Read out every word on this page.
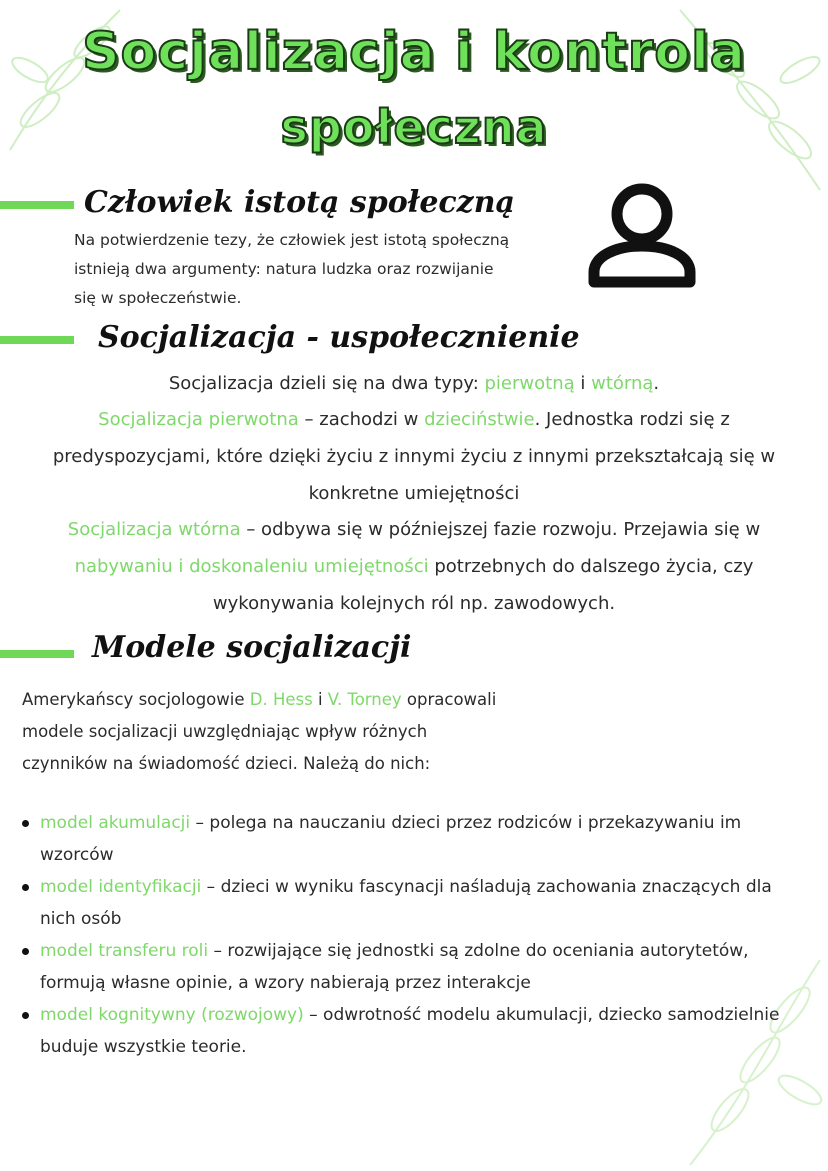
Socjalizacja i kontrola
społeczna
Człowiek istotą społeczną
Na potwierdzenie tezy, że człowiek jest istotą społeczną
istnieją dwa argumenty: natura ludzka oraz rozwijanie
się w społeczeństwie.
Socjalizacja - uspołecznienie
Socjalizacja dzieli się na dwa typy: pierwotną i wtórną.
Socjalizacja pierwotna – zachodzi w dzieciństwie. Jednostka rodzi się z
predyspozycjami, które dzięki życiu z innymi życiu z innymi przekształcają się w
konkretne umiejętności
Socjalizacja wtórna – odbywa się w późniejszej fazie rozwoju. Przejawia się w
nabywaniu i doskonaleniu umiejętności potrzebnych do dalszego życia, czy
wykonywania kolejnych ról np. zawodowych.
Modele socjalizacji
Amerykańscy socjologowie D. Hess i V. Torney opracowali
modele socjalizacji uwzględniając wpływ różnych
czynników na świadomość dzieci. Należą do nich:
model akumulacji – polega na nauczaniu dzieci przez rodziców i przekazywaniu im wzorców
model identyfikacji – dzieci w wyniku fascynacji naśladują zachowania znaczących dla nich osób
model transferu roli – rozwijające się jednostki są zdolne do oceniania autorytetów, formują własne opinie, a wzory nabierają przez interakcje
model kognitywny (rozwojowy) – odwrotność modelu akumulacji, dziecko samodzielnie buduje wszystkie teorie.
